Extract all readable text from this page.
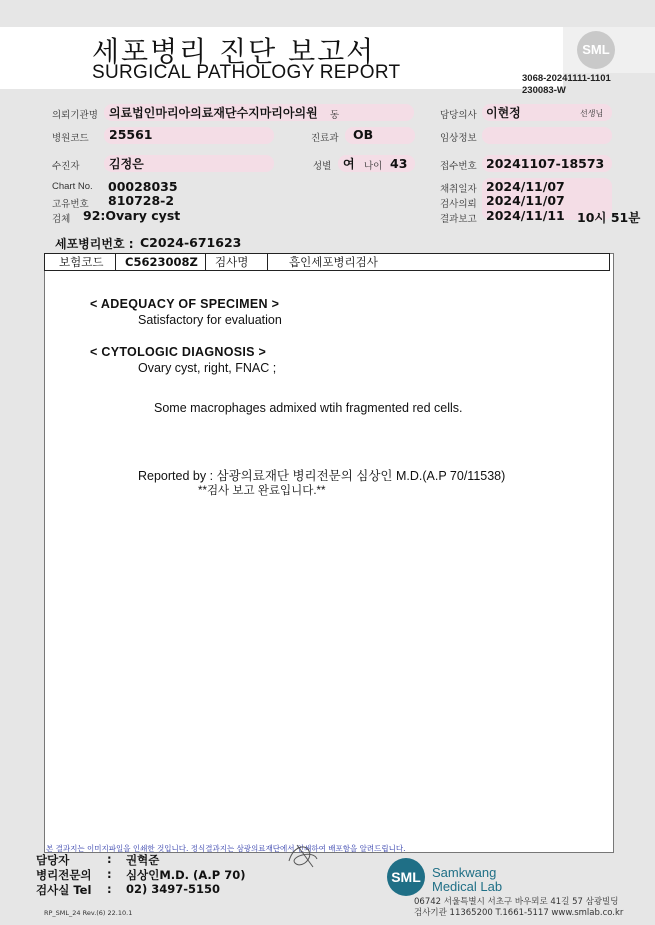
세포병리 진단 보고서
SURGICAL PATHOLOGY REPORT
SML
3068-20241111-1101
230083-W
의뢰기관명 의료법인마리아의료재단수지마리아의원 동	담당의사 이현정	선생님
병원코드 25561	진료과 OB	임상정보
수진자 김정은	성별 여 나이 43	접수번호 20241107-18573
Chart No. 00028035
고유번호 810728-2
검체 92:Ovary cyst
채취일자 2024/11/07
검사의뢰 2024/11/07
결과보고 2024/11/11 10시 51분
세포병리번호 : C2024-671623
보험코드 C5623008Z 검사명	흡인세포병리검사
< ADEQUACY OF SPECIMEN >
Satisfactory for evaluation
< CYTOLOGIC DIAGNOSIS >
Ovary cyst, right, FNAC ;
Some macrophages admixed wtih fragmented red cells.
Reported by : 삼광의료재단 병리전문의 심상인 M.D.(A.P 70/11538)
**검사 보고 완료입니다.**
본 결과지는 이미지파일을 인쇄한 것입니다. 정식결과지는 삼광의료재단에서 인쇄하여 배포함을 알려드립니다.
담당자	: 권혁준
병리전문의 : 심상인M.D. (A.P 70)
검사실 Tel : 02) 3497-5150
SML Samkwang
Medical Lab
06742 서울특별시 서초구 바우뫼로 41길 57 삼광빌딩
검사기관 11365200 T.1661-5117 www.smlab.co.kr
RP_SML_24 Rev.(6) 22.10.1
